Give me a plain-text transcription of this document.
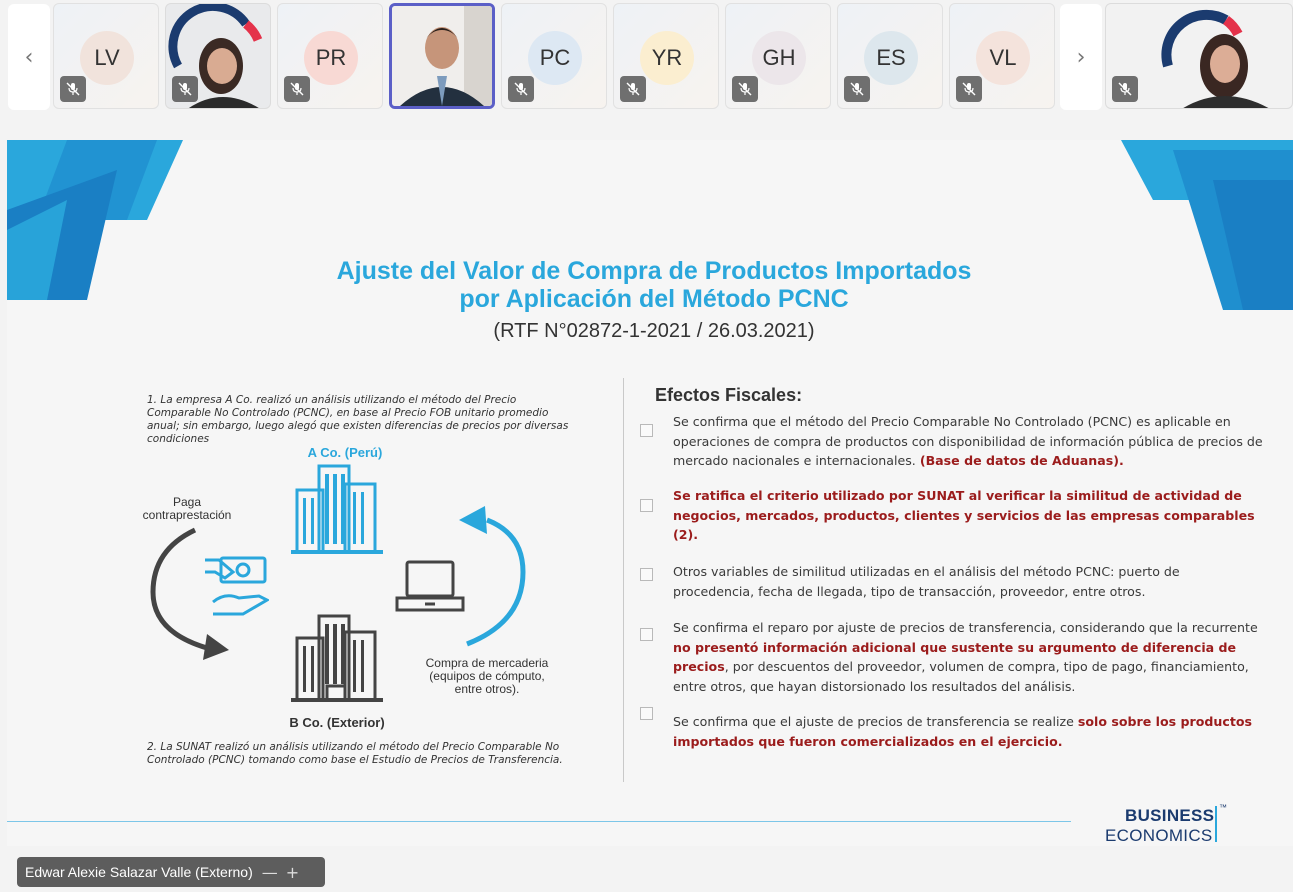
‹	LV	PR	PC	YR	GH	ES	VL	›
Ajuste del Valor de Compra de Productos Importados
por Aplicación del Método PCNC
(RTF N°02872-1-2021 / 26.03.2021)
1. La empresa A Co. realizó un análisis utilizando el método del Precio Comparable No Controlado (PCNC), en base al Precio FOB unitario promedio anual; sin embargo, luego alegó que existen diferencias de precios por diversas condiciones
A Co. (Perú)
Paga contraprestación
Compra de mercaderia
(equipos de cómputo,
entre otros).
B Co. (Exterior)
2. La SUNAT realizó un análisis utilizando el método del Precio Comparable No Controlado (PCNC) tomando como base el Estudio de Precios de Transferencia.
Efectos Fiscales:
Se confirma que el método del Precio Comparable No Controlado (PCNC) es aplicable en operaciones de compra de productos con disponibilidad de información pública de precios de mercado nacionales e internacionales. (Base de datos de Aduanas).
Se ratifica el criterio utilizado por SUNAT al verificar la similitud de actividad de negocios, mercados, productos, clientes y servicios de las empresas comparables (2).
Otros variables de similitud utilizadas en el análisis del método PCNC: puerto de procedencia, fecha de llegada, tipo de transacción, proveedor, entre otros.
Se confirma el reparo por ajuste de precios de transferencia, considerando que la recurrente no presentó información adicional que sustente su argumento de diferencia de precios, por descuentos del proveedor, volumen de compra, tipo de pago, financiamiento, entre otros, que hayan distorsionado los resultados del análisis.
Se confirma que el ajuste de precios de transferencia se realize solo sobre los productos importados que fueron comercializados en el ejercicio.
BUSINESS
ECONOMICS
™
Edwar Alexie Salazar Valle (Externo) — +
